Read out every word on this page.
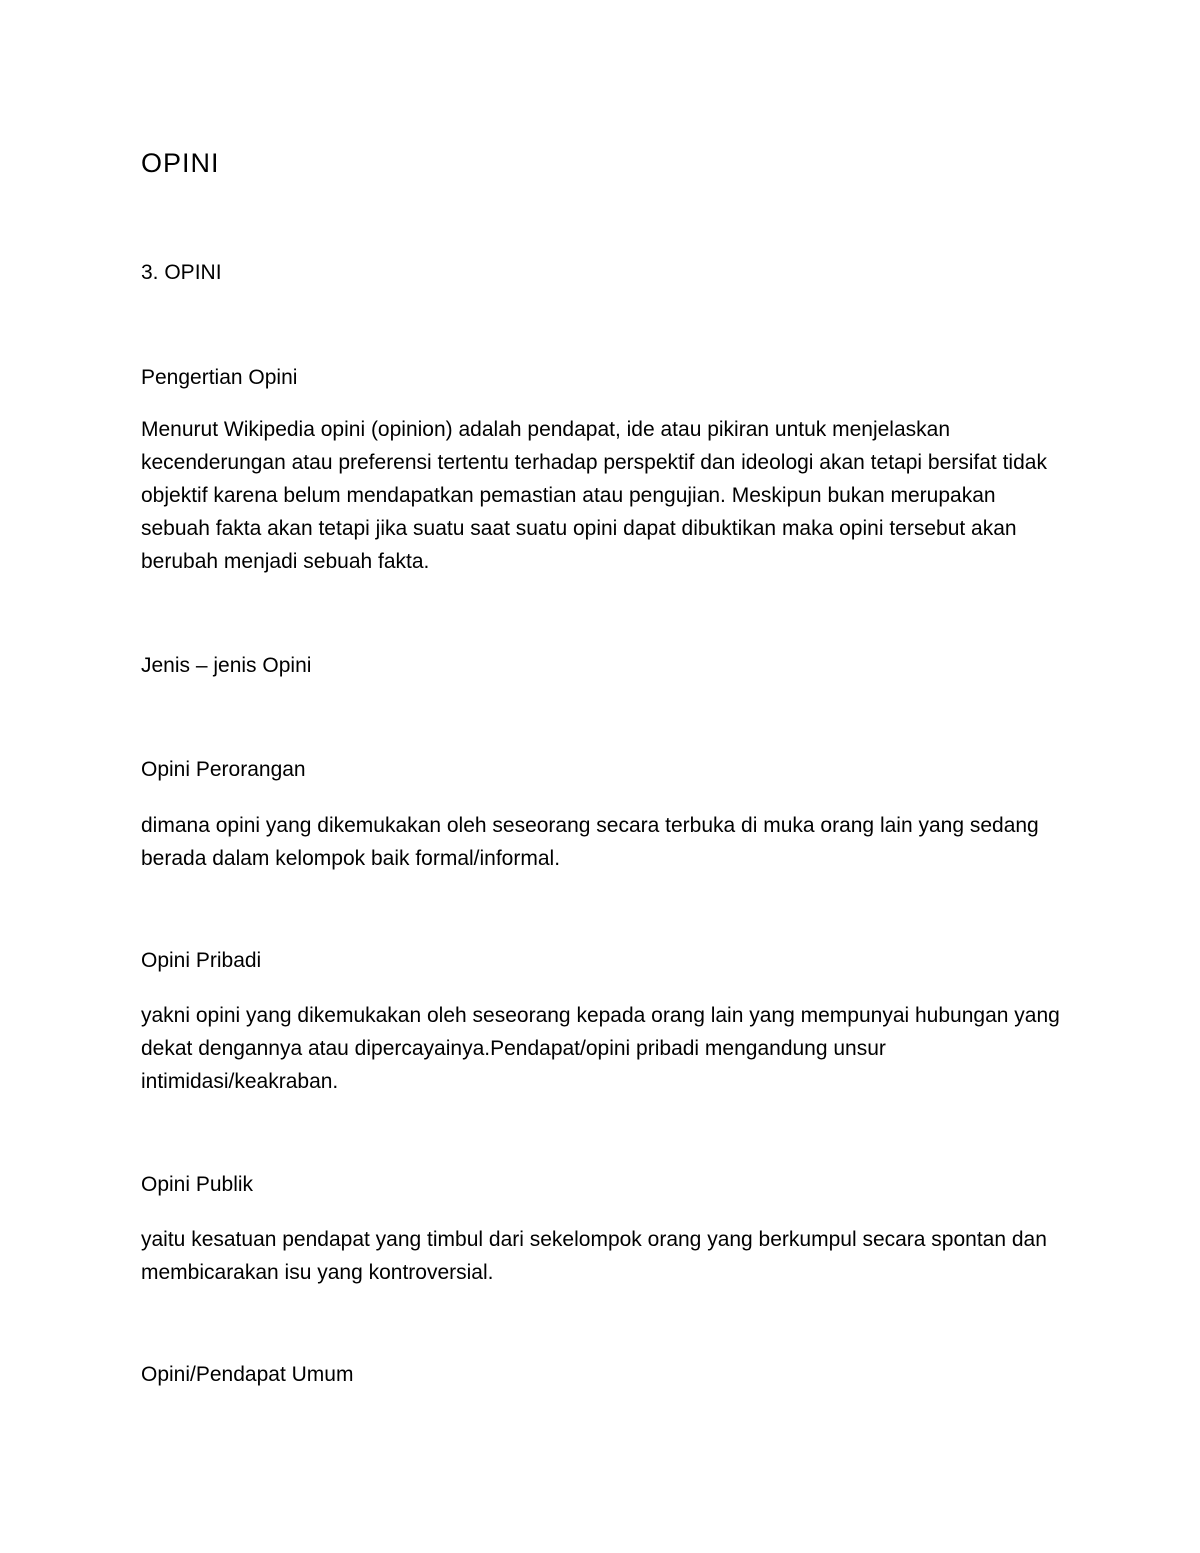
OPINI
3. OPINI
Pengertian Opini

Menurut Wikipedia opini (opinion) adalah pendapat, ide atau pikiran untuk menjelaskan kecenderungan atau preferensi tertentu terhadap perspektif dan ideologi akan tetapi bersifat tidak objektif karena belum mendapatkan pemastian atau pengujian. Meskipun bukan merupakan sebuah fakta akan tetapi jika suatu saat suatu opini dapat dibuktikan maka opini tersebut akan berubah menjadi sebuah fakta.

Jenis – jenis Opini
Opini Perorangan

dimana opini yang dikemukakan oleh seseorang secara terbuka di muka orang lain yang sedang berada dalam kelompok baik formal/informal.

Opini Pribadi

yakni opini yang dikemukakan oleh seseorang kepada orang lain yang mempunyai hubungan yang dekat dengannya atau dipercayainya.Pendapat/opini pribadi mengandung unsur intimidasi/keakraban.

Opini Publik

yaitu kesatuan pendapat yang timbul dari sekelompok orang yang berkumpul secara spontan dan membicarakan isu yang kontroversial.

Opini/Pendapat Umum
